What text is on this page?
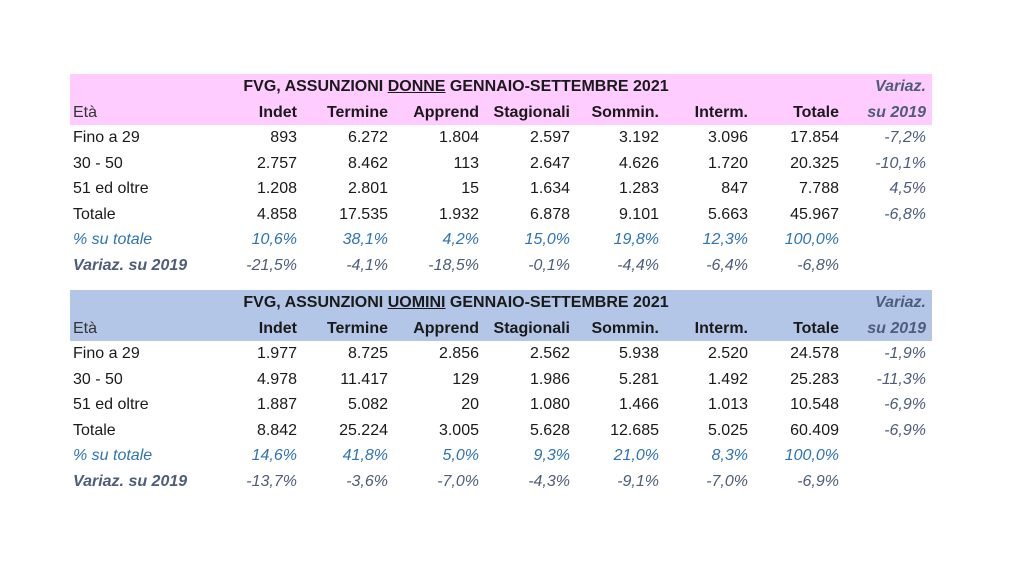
FVG, ASSUNZIONI DONNE GENNAIO-SETTEMBRE 2021	Variaz.
Età	Indet Termine Apprend Stagionali Sommin. Interm.	Totale su 2019
Fino a 29	893	6.272	1.804	2.597	3.192	3.096	17.854	-7,2%
30 - 50	2.757	8.462	113	2.647	4.626	1.720	20.325 -10,1%
51 ed oltre	1.208	2.801	15	1.634	1.283	847	7.788	4,5%
Totale	4.858	17.535	1.932	6.878	9.101	5.663	45.967	-6,8%
% su totale	10,6%	38,1%	4,2%	15,0%	19,8%	12,3% 100,0%
Variaz. su 2019	-21,5%	-4,1%	-18,5%	-0,1%	-4,4%	-6,4%	-6,8%
FVG, ASSUNZIONI UOMINI GENNAIO-SETTEMBRE 2021	Variaz.
Età	Indet Termine Apprend Stagionali Sommin. Interm.	Totale su 2019
Fino a 29	1.977	8.725	2.856	2.562	5.938	2.520	24.578	-1,9%
30 - 50	4.978	11.417	129	1.986	5.281	1.492	25.283 -11,3%
51 ed oltre	1.887	5.082	20	1.080	1.466	1.013	10.548	-6,9%
Totale	8.842	25.224	3.005	5.628	12.685	5.025	60.409	-6,9%
% su totale	14,6%	41,8%	5,0%	9,3%	21,0%	8,3% 100,0%
Variaz. su 2019	-13,7%	-3,6%	-7,0%	-4,3%	-9,1%	-7,0%	-6,9%
